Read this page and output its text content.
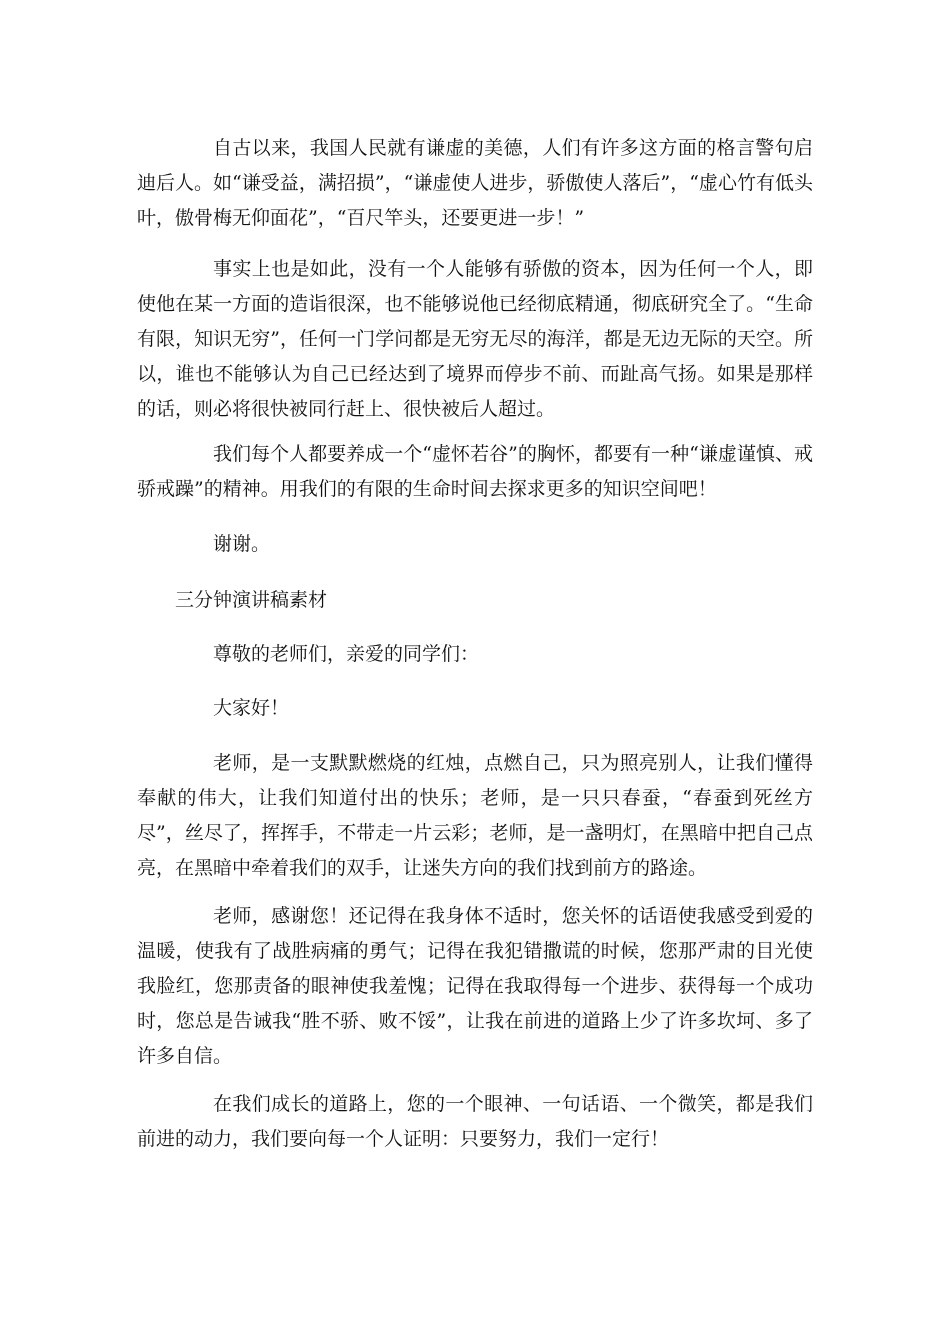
自古以来，我国人民就有谦虚的美德，人们有许多这方面的格言警句启迪后人。如“谦受益，满招损”，“谦虚使人进步，骄傲使人落后”，“虚心竹有低头叶，傲骨梅无仰面花”，“百尺竿头，还要更进一步！”

事实上也是如此，没有一个人能够有骄傲的资本，因为任何一个人，即使他在某一方面的造诣很深，也不能够说他已经彻底精通，彻底研究全了。“生命有限，知识无穷”，任何一门学问都是无穷无尽的海洋，都是无边无际的天空。所以，谁也不能够认为自己已经达到了境界而停步不前、而趾高气扬。如果是那样的话，则必将很快被同行赶上、很快被后人超过。

我们每个人都要养成一个“虚怀若谷”的胸怀，都要有一种“谦虚谨慎、戒骄戒躁”的精神。用我们的有限的生命时间去探求更多的知识空间吧！

谢谢。

三分钟演讲稿素材

尊敬的老师们，亲爱的同学们：

大家好！

老师，是一支默默燃烧的红烛，点燃自己，只为照亮别人，让我们懂得奉献的伟大，让我们知道付出的快乐；老师，是一只只春蚕，“春蚕到死丝方尽”，丝尽了，挥挥手，不带走一片云彩；老师，是一盏明灯，在黑暗中把自己点亮，在黑暗中牵着我们的双手，让迷失方向的我们找到前方的路途。

老师，感谢您！还记得在我身体不适时，您关怀的话语使我感受到爱的温暖，使我有了战胜病痛的勇气；记得在我犯错撒谎的时候，您那严肃的目光使我脸红，您那责备的眼神使我羞愧；记得在我取得每一个进步、获得每一个成功时，您总是告诫我“胜不骄、败不馁”，让我在前进的道路上少了许多坎坷、多了许多自信。

在我们成长的道路上，您的一个眼神、一句话语、一个微笑，都是我们前进的动力，我们要向每一个人证明：只要努力，我们一定行！
